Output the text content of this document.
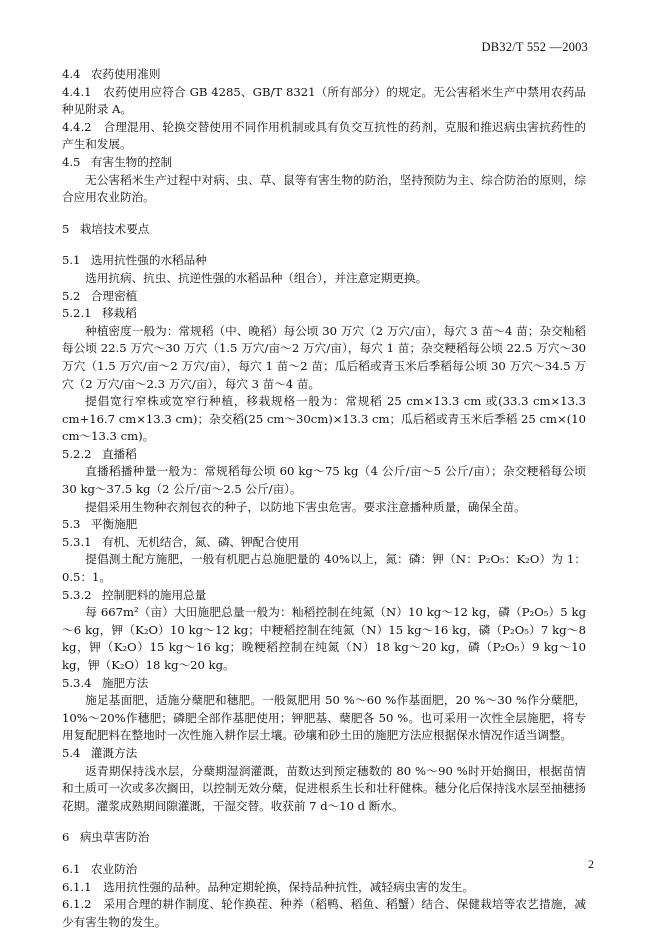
DB32/T 552 —2003

4.4 农药使用准则

4.4.1　农药使用应符合 GB 4285、GB/T 8321（所有部分）的规定。无公害稻米生产中禁用农药品种见附录 A。

4.4.2　合理混用、轮换交替使用不同作用机制或具有负交互抗性的药剂，克服和推迟病虫害抗药性的产生和发展。

4.5 有害生物的控制

无公害稻米生产过程中对病、虫、草、鼠等有害生物的防治，坚持预防为主、综合防治的原则，综合应用农业防治。

5 栽培技术要点

5.1 选用抗性强的水稻品种

选用抗病、抗虫、抗逆性强的水稻品种（组合），并注意定期更换。

5.2 合理密植

5.2.1 移栽稻

种植密度一般为：常规稻（中、晚稻）每公顷 30 万穴（2 万穴/亩），每穴 3 苗～4 苗；杂交籼稻每公顷 22.5 万穴～30 万穴（1.5 万穴/亩～2 万穴/亩），每穴 1 苗；杂交粳稻每公顷 22.5 万穴～30 万穴（1.5 万穴/亩～2 万穴/亩），每穴 1 苗～2 苗；瓜后稻或青玉米后季稻每公顷 30 万穴～34.5 万穴（2 万穴/亩～2.3 万穴/亩），每穴 3 苗～4 苗。

提倡宽行窄株或宽窄行种植，移栽规格一般为：常规稻 25 cm×13.3 cm 或(33.3 cm×13.3 cm+16.7 cm×13.3 cm)；杂交稻(25 cm～30cm)×13.3 cm；瓜后稻或青玉米后季稻 25 cm×(10 cm～13.3 cm)。

5.2.2 直播稻

直播稻播种量一般为：常规稻每公顷 60 kg～75 kg（4 公斤/亩～5 公斤/亩）；杂交粳稻每公顷 30 kg～37.5 kg（2 公斤/亩～2.5 公斤/亩）。

提倡采用生物种衣剂包衣的种子，以防地下害虫危害。要求注意播种质量，确保全苗。

5.3 平衡施肥

5.3.1 有机、无机结合，氮、磷、钾配合使用

提倡测土配方施肥，一般有机肥占总施肥量的 40%以上，氮：磷：钾（N：P₂O₅：K₂O）为 1：0.5：1。

5.3.2 控制肥料的施用总量

每 667m²（亩）大田施肥总量一般为：籼稻控制在纯氮（N）10 kg～12 kg，磷（P₂O₅）5 kg～6 kg，钾（K₂O）10 kg～12 kg；中粳稻控制在纯氮（N）15 kg～16 kg，磷（P₂O₅）7 kg～8 kg，钾（K₂O）15 kg～16 kg；晚粳稻控制在纯氮（N）18 kg～20 kg，磷（P₂O₅）9 kg～10 kg，钾（K₂O）18 kg～20 kg。

5.3.4 施肥方法

施足基面肥，适施分蘖肥和穗肥。一般氮肥用 50 %～60 %作基面肥，20 %～30 %作分蘖肥，10%～20%作穗肥；磷肥全部作基肥使用；钾肥基、蘖肥各 50 %。也可采用一次性全层施肥，将专用复配肥料在整地时一次性施入耕作层土壤。砂壤和砂土田的施肥方法应根据保水情况作适当调整。

5.4 灌溉方法

返青期保持浅水层，分蘖期湿润灌溉，苗数达到预定穗数的 80 %～90 %时开始搁田，根据苗情和土质可一次或多次搁田，以控制无效分蘖，促进根系生长和壮秆健株。穗分化后保持浅水层至抽穗扬花期。灌浆成熟期间隙灌溉，干湿交替。收获前 7 d～10 d 断水。

6 病虫草害防治

6.1 农业防治

6.1.1　选用抗性强的品种。品种定期轮换，保持品种抗性，减轻病虫害的发生。

6.1.2　采用合理的耕作制度、轮作换茬、种养（稻鸭、稻鱼、稻蟹）结合、保健栽培等农艺措施，减少有害生物的发生。

2
